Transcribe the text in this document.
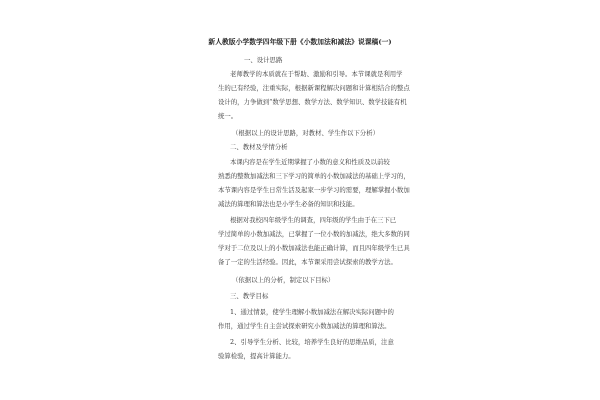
新人教版小学数学四年级下册《小数加法和减法》说课稿(一)
一、设计思路
老师教学的本质就在于帮助、激励和引导。本节课就是利用学
生的已有经验，注重实际，根据新课程解决问题和计算相结合的整点
设计的，力争做到“数学思想、数学方法、数学知识、数学技能有机
统一。
（根据以上的设计思路，对教材、学生作以下分析）
二、教材及学情分析
本课内容是在学生近期掌握了小数的意义和性质及以前较
熟悉的整数加减法和三下学习的简单的小数加减法的基础上学习的，
本节课内容是学生日常生活及起家一步学习的需要，理解掌握小数加
减法的算理和算法也是小学生必备的知识和技能。
根据对我校四年级学生的调查，四年级的学生由于在三下已
学过简单的小数加减法，已掌握了一位小数的加减法，绝大多数的同
学对于二位及以上的小数加减法也能正确计算，而且四年级学生已具
备了一定的生活经验。因此，本节课采用尝试探索的教学方法。
（依据以上的分析，制定以下目标）
三、教学目标
1、通过情景，使学生理解小数加减法在解决实际问题中的
作用，通过学生自主尝试探索研究小数加减法的算理和算法。
2、引导学生分析、比较，培养学生良好的思维品质，注意
验算检验，提高计算能力。
